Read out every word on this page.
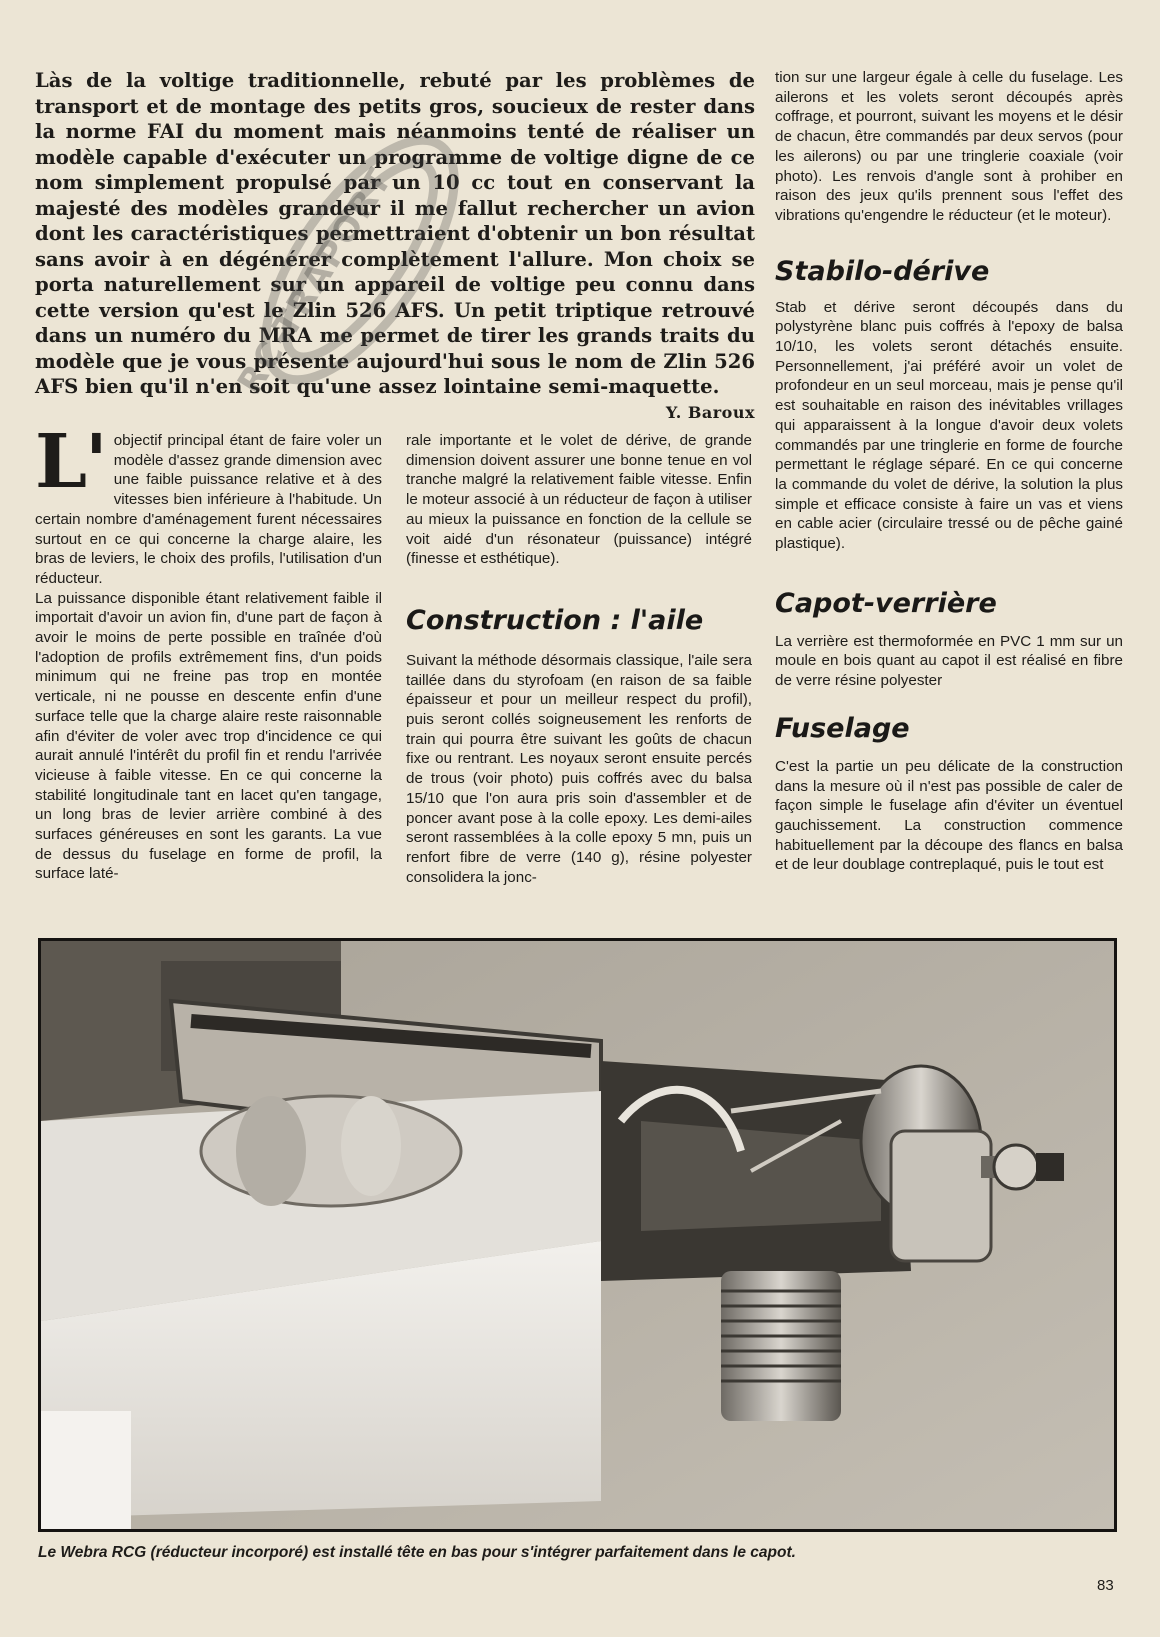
Làs de la voltige traditionnelle, rebuté par les problèmes de transport et de montage des petits gros, soucieux de rester dans la norme FAI du moment mais néanmoins tenté de réaliser un modèle capable d'exécuter un programme de voltige digne de ce nom simplement propulsé par un 10 cc tout en conservant la majesté des modèles grandeur il me fallut rechercher un avion dont les caractéristiques permettraient d'obtenir un bon résultat sans avoir à en dégénérer complètement l'allure. Mon choix se porta naturellement sur un appareil de voltige peu connu dans cette version qu'est le Zlin 526 AFS. Un petit triptique retrouvé dans un numéro du MRA me permet de tirer les grands traits du modèle que je vous présente aujourd'hui sous le nom de Zlin 526 AFS bien qu'il n'en soit qu'une assez lointaine semi-maquette.
Y. Baroux

RC-TRAPORT

L' objectif principal étant de faire voler un modèle d'assez grande dimension avec une faible puissance relative et à des vitesses bien inférieure à l'habitude. Un certain nombre d'aménagement furent nécessaires surtout en ce qui concerne la charge alaire, les bras de leviers, le choix des profils, l'utilisation d'un réducteur.

La puissance disponible étant relativement faible il importait d'avoir un avion fin, d'une part de façon à avoir le moins de perte possible en traînée d'où l'adoption de profils extrêmement fins, d'un poids minimum qui ne freine pas trop en montée verticale, ni ne pousse en descente enfin d'une surface telle que la charge alaire reste raisonnable afin d'éviter de voler avec trop d'incidence ce qui aurait annulé l'intérêt du profil fin et rendu l'arrivée vicieuse à faible vitesse. En ce qui concerne la stabilité longitudinale tant en lacet qu'en tangage, un long bras de levier arrière combiné à des surfaces généreuses en sont les garants. La vue de dessus du fuselage en forme de profil, la surface laté-

rale importante et le volet de dérive, de grande dimension doivent assurer une bonne tenue en vol tranche malgré la relativement faible vitesse. Enfin le moteur associé à un réducteur de façon à utiliser au mieux la puissance en fonction de la cellule se voit aidé d'un résonateur (puissance) intégré (finesse et esthétique).

Construction : l'aile

Suivant la méthode désormais classique, l'aile sera taillée dans du styrofoam (en raison de sa faible épaisseur et pour un meilleur respect du profil), puis seront collés soigneusement les renforts de train qui pourra être suivant les goûts de chacun fixe ou rentrant. Les noyaux seront ensuite percés de trous (voir photo) puis coffrés avec du balsa 15/10 que l'on aura pris soin d'assembler et de poncer avant pose à la colle epoxy. Les demi-ailes seront rassemblées à la colle epoxy 5 mn, puis un renfort fibre de verre (140 g), résine polyester consolidera la jonc-

tion sur une largeur égale à celle du fuselage. Les ailerons et les volets seront découpés après coffrage, et pourront, suivant les moyens et le désir de chacun, être commandés par deux servos (pour les ailerons) ou par une tringlerie coaxiale (voir photo). Les renvois d'angle sont à prohiber en raison des jeux qu'ils prennent sous l'effet des vibrations qu'engendre le réducteur (et le moteur).

Stabilo-dérive

Stab et dérive seront découpés dans du polystyrène blanc puis coffrés à l'epoxy de balsa 10/10, les volets seront détachés ensuite. Personnellement, j'ai préféré avoir un volet de profondeur en un seul morceau, mais je pense qu'il est souhaitable en raison des inévitables vrillages qui apparaissent à la longue d'avoir deux volets commandés par une tringlerie en forme de fourche permettant le réglage séparé. En ce qui concerne la commande du volet de dérive, la solution la plus simple et efficace consiste à faire un vas et viens en cable acier (circulaire tressé ou de pêche gainé plastique).

Capot-verrière

La verrière est thermoformée en PVC 1 mm sur un moule en bois quant au capot il est réalisé en fibre de verre résine polyester

Fuselage

C'est la partie un peu délicate de la construction dans la mesure où il n'est pas possible de caler de façon simple le fuselage afin d'éviter un éventuel gauchissement. La construction commence habituellement par la découpe des flancs en balsa et de leur doublage contreplaqué, puis le tout est

Le Webra RCG (réducteur incorporé) est installé tête en bas pour s'intégrer parfaitement dans le capot.
83
